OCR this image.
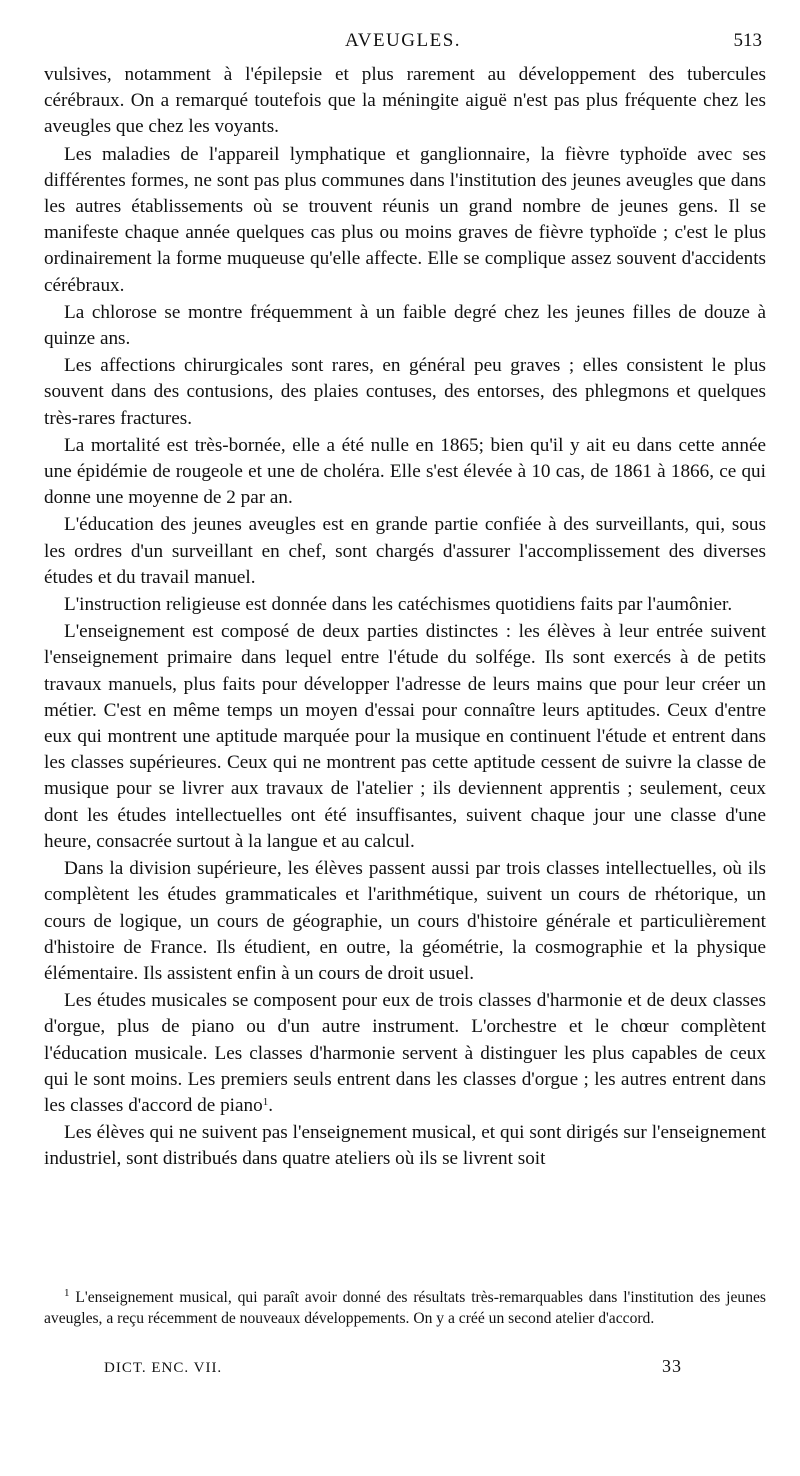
AVEUGLES.	513

vulsives, notamment à l'épilepsie et plus rarement au développement des tubercules cérébraux. On a remarqué toutefois que la méningite aiguë n'est pas plus fréquente chez les aveugles que chez les voyants.

Les maladies de l'appareil lymphatique et ganglionnaire, la fièvre typhoïde avec ses différentes formes, ne sont pas plus communes dans l'institution des jeunes aveugles que dans les autres établissements où se trouvent réunis un grand nombre de jeunes gens. Il se manifeste chaque année quelques cas plus ou moins graves de fièvre typhoïde ; c'est le plus ordinairement la forme muqueuse qu'elle affecte. Elle se complique assez souvent d'accidents cérébraux.

La chlorose se montre fréquemment à un faible degré chez les jeunes filles de douze à quinze ans.

Les affections chirurgicales sont rares, en général peu graves ; elles consistent le plus souvent dans des contusions, des plaies contuses, des entorses, des phlegmons et quelques très-rares fractures.

La mortalité est très-bornée, elle a été nulle en 1865; bien qu'il y ait eu dans cette année une épidémie de rougeole et une de choléra. Elle s'est élevée à 10 cas, de 1861 à 1866, ce qui donne une moyenne de 2 par an.

L'éducation des jeunes aveugles est en grande partie confiée à des surveillants, qui, sous les ordres d'un surveillant en chef, sont chargés d'assurer l'accomplissement des diverses études et du travail manuel.

L'instruction religieuse est donnée dans les catéchismes quotidiens faits par l'aumônier.

L'enseignement est composé de deux parties distinctes : les élèves à leur entrée suivent l'enseignement primaire dans lequel entre l'étude du solfége. Ils sont exercés à de petits travaux manuels, plus faits pour développer l'adresse de leurs mains que pour leur créer un métier. C'est en même temps un moyen d'essai pour connaître leurs aptitudes. Ceux d'entre eux qui montrent une aptitude marquée pour la musique en continuent l'étude et entrent dans les classes supérieures. Ceux qui ne montrent pas cette aptitude cessent de suivre la classe de musique pour se livrer aux travaux de l'atelier ; ils deviennent apprentis ; seulement, ceux dont les études intellectuelles ont été insuffisantes, suivent chaque jour une classe d'une heure, consacrée surtout à la langue et au calcul.

Dans la division supérieure, les élèves passent aussi par trois classes intellectuelles, où ils complètent les études grammaticales et l'arithmétique, suivent un cours de rhétorique, un cours de logique, un cours de géographie, un cours d'histoire générale et particulièrement d'histoire de France. Ils étudient, en outre, la géométrie, la cosmographie et la physique élémentaire. Ils assistent enfin à un cours de droit usuel.

Les études musicales se composent pour eux de trois classes d'harmonie et de deux classes d'orgue, plus de piano ou d'un autre instrument. L'orchestre et le chœur complètent l'éducation musicale. Les classes d'harmonie servent à distinguer les plus capables de ceux qui le sont moins. Les premiers seuls entrent dans les classes d'orgue ; les autres entrent dans les classes d'accord de piano$^1$.

Les élèves qui ne suivent pas l'enseignement musical, et qui sont dirigés sur l'enseignement industriel, sont distribués dans quatre ateliers où ils se livrent soit

$^1$ L'enseignement musical, qui paraît avoir donné des résultats très-remarquables dans l'institution des jeunes aveugles, a reçu récemment de nouveaux développements. On y a créé un second atelier d'accord.

DICT. ENC. VII.	33
